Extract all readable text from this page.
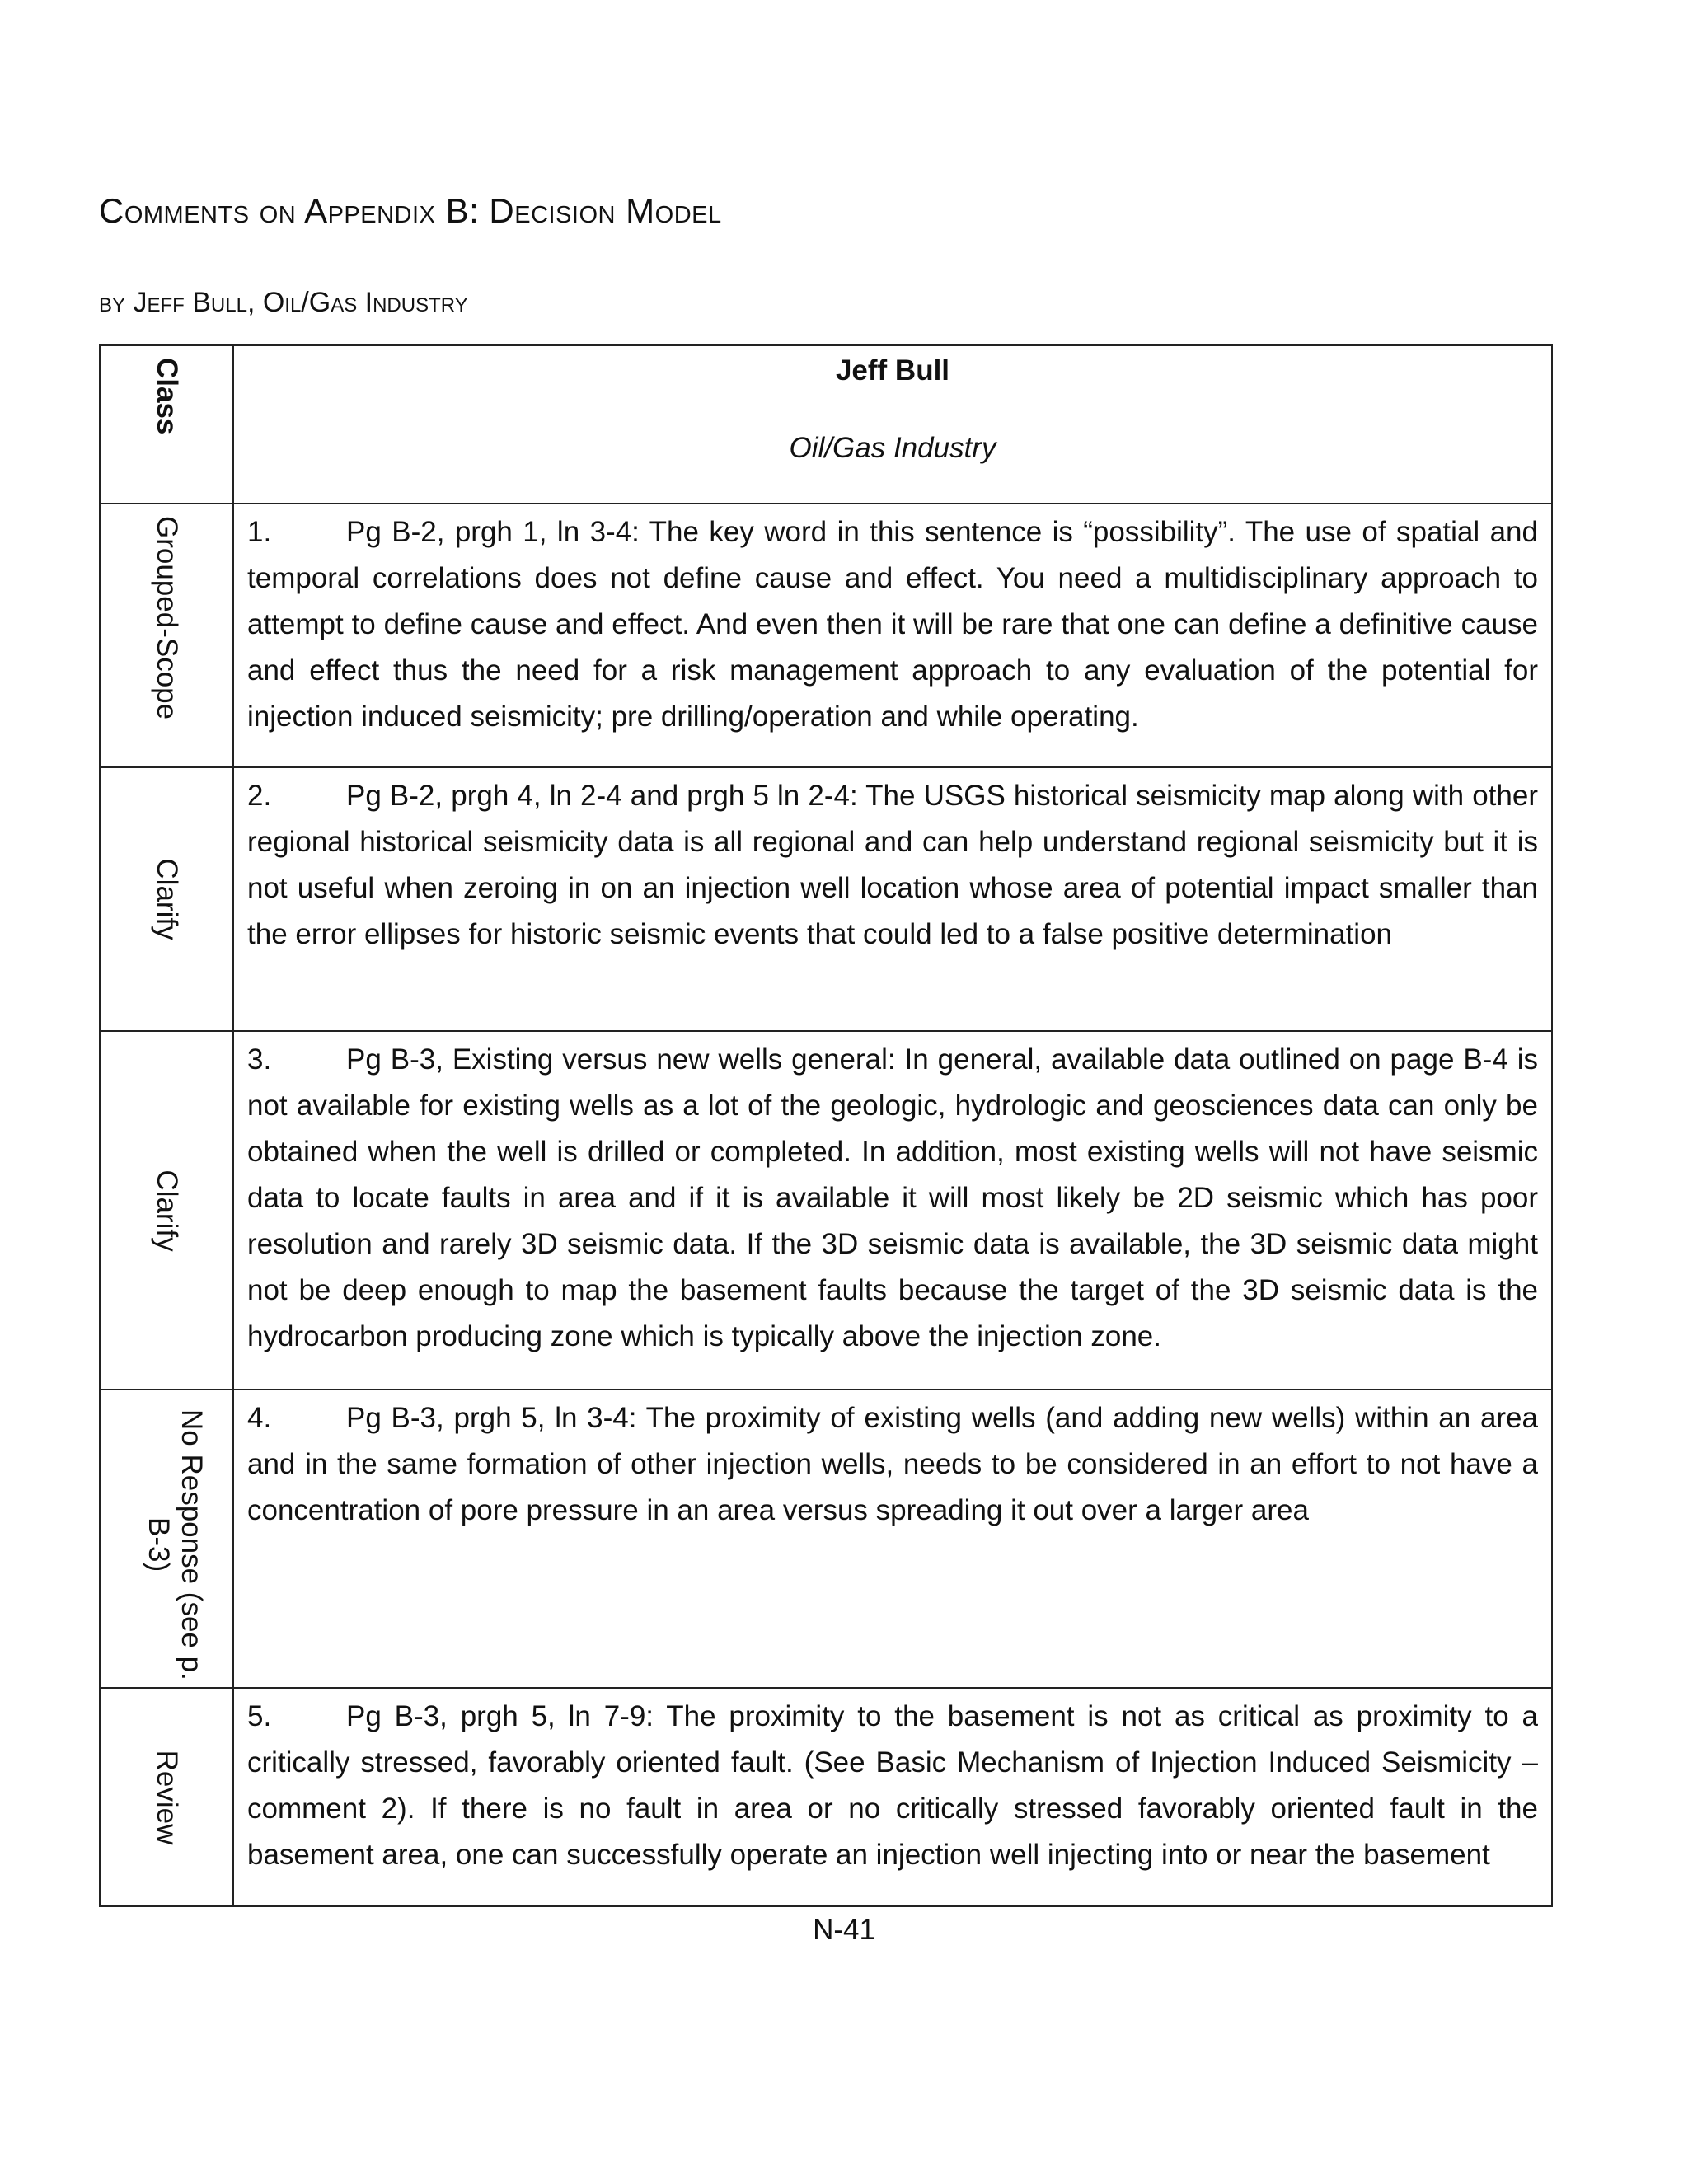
Comments on Appendix B: Decision Model
by Jeff Bull, Oil/Gas Industry
Class	Jeff Bull
Oil/Gas Industry

Grouped-Scope	1. Pg B-2, prgh 1, ln 3-4: The key word in this sentence is “possibility”. The use of spatial and temporal correlations does not define cause and effect. You need a multidisciplinary approach to attempt to define cause and effect. And even then it will be rare that one can define a definitive cause and effect thus the need for a risk management approach to any evaluation of the potential for injection induced seismicity; pre drilling/operation and while operating.

Clarify	2. Pg B-2, prgh 4, ln 2-4 and prgh 5 ln 2-4: The USGS historical seismicity map along with other regional historical seismicity data is all regional and can help understand regional seismicity but it is not useful when zeroing in on an injection well location whose area of potential impact smaller than the error ellipses for historic seismic events that could led to a false positive determination

Clarify	3. Pg B-3, Existing versus new wells general: In general, available data outlined on page B-4 is not available for existing wells as a lot of the geologic, hydrologic and geosciences data can only be obtained when the well is drilled or completed. In addition, most existing wells will not have seismic data to locate faults in area and if it is available it will most likely be 2D seismic which has poor resolution and rarely 3D seismic data. If the 3D seismic data is available, the 3D seismic data might not be deep enough to map the basement faults because the target of the 3D seismic data is the hydrocarbon producing zone which is typically above the injection zone.

No Response (see p. B-3)	4. Pg B-3, prgh 5, ln 3-4: The proximity of existing wells (and adding new wells) within an area and in the same formation of other injection wells, needs to be considered in an effort to not have a concentration of pore pressure in an area versus spreading it out over a larger area

Review	5. Pg B-3, prgh 5, ln 7-9: The proximity to the basement is not as critical as proximity to a critically stressed, favorably oriented fault. (See Basic Mechanism of Injection Induced Seismicity – comment 2). If there is no fault in area or no critically stressed favorably oriented fault in the basement area, one can successfully operate an injection well injecting into or near the basement
N-41
